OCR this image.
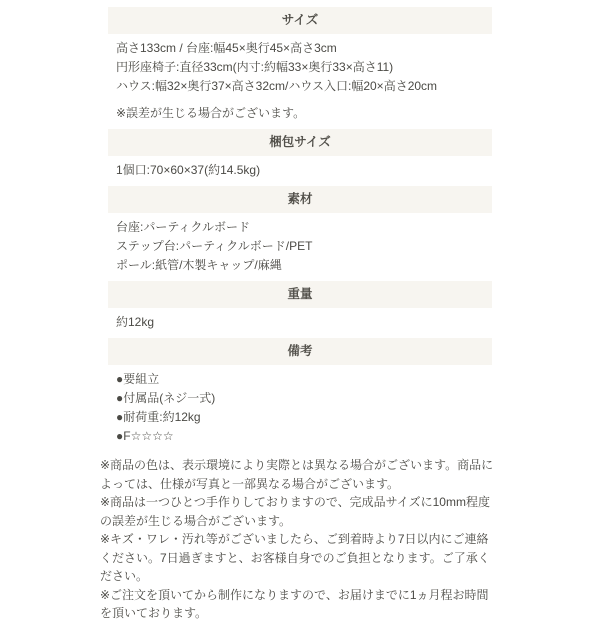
サイズ

高さ133cm / 台座:幅45×奥行45×高さ3cm

円形座椅子:直径33cm(内寸:約幅33×奥行33×高さ11)

ハウス:幅32×奥行37×高さ32cm/ハウス入口:幅20×高さ20cm

※誤差が生じる場合がございます。

梱包サイズ

1個口:70×60×37(約14.5kg)

素材

台座:パーティクルボード

ステップ台:パーティクルボード/PET

ポール:紙管/木製キャップ/麻縄

重量

約12kg

備考

●要組立

●付属品(ネジ一式)

●耐荷重:約12kg

●F☆☆☆☆

※商品の色は、表示環境により実際とは異なる場合がございます。商品によっては、仕様が写真と一部異なる場合がございます。

※商品は一つひとつ手作りしておりますので、完成品サイズに10mm程度の誤差が生じる場合がございます。

※キズ・ワレ・汚れ等がございましたら、ご到着時より7日以内にご連絡ください。7日過ぎますと、お客様自身でのご負担となります。ご了承ください。

※ご注文を頂いてから制作になりますので、お届けまでに1ヵ月程お時間を頂いております。
